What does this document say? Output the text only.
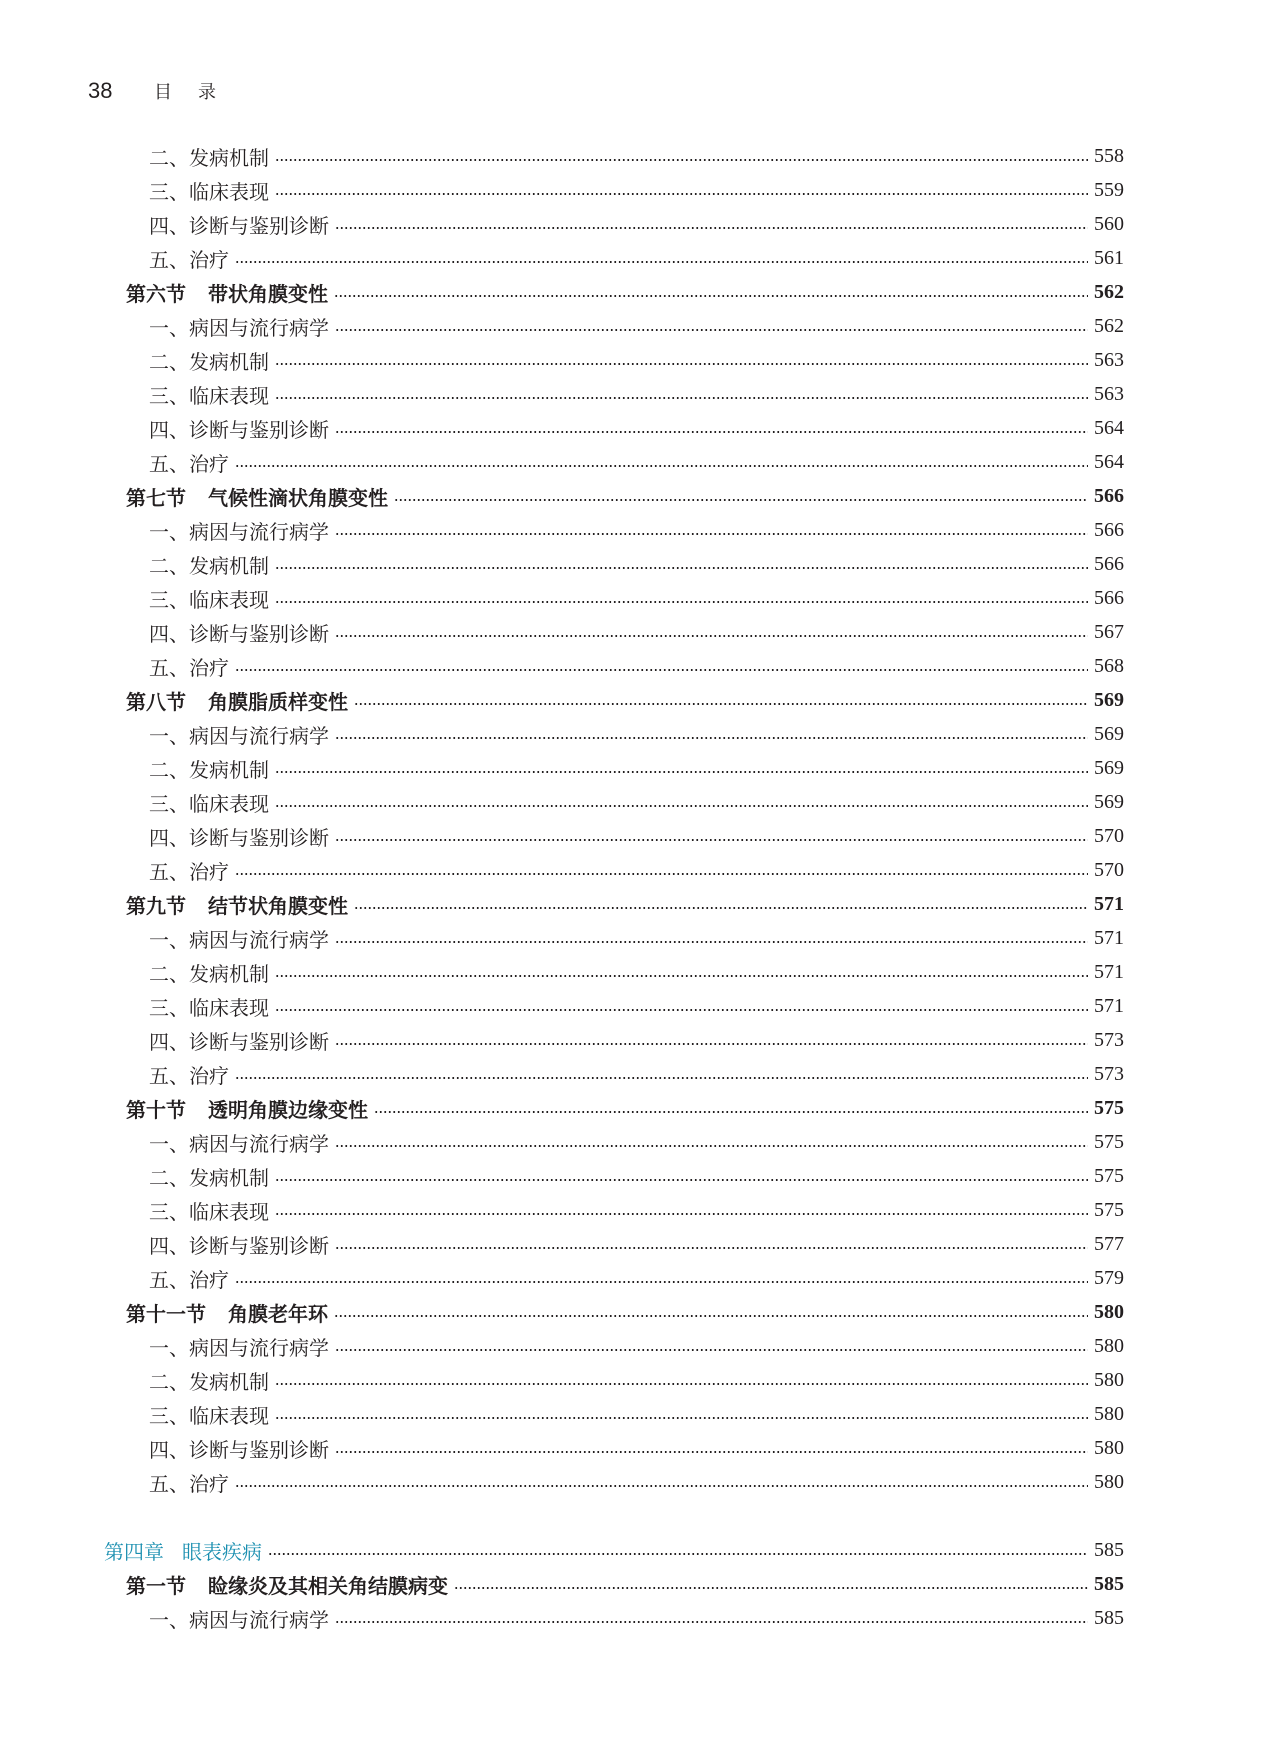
38	目录
二、发病机制	558
三、临床表现	559
四、诊断与鉴别诊断	560
五、治疗	561
第六节 带状角膜变性	562
一、病因与流行病学	562
二、发病机制	563
三、临床表现	563
四、诊断与鉴别诊断	564
五、治疗	564
第七节 气候性滴状角膜变性	566
一、病因与流行病学	566
二、发病机制	566
三、临床表现	566
四、诊断与鉴别诊断	567
五、治疗	568
第八节 角膜脂质样变性	569
一、病因与流行病学	569
二、发病机制	569
三、临床表现	569
四、诊断与鉴别诊断	570
五、治疗	570
第九节 结节状角膜变性	571
一、病因与流行病学	571
二、发病机制	571
三、临床表现	571
四、诊断与鉴别诊断	573
五、治疗	573
第十节 透明角膜边缘变性	575
一、病因与流行病学	575
二、发病机制	575
三、临床表现	575
四、诊断与鉴别诊断	577
五、治疗	579
第十一节 角膜老年环	580
一、病因与流行病学	580
二、发病机制	580
三、临床表现	580
四、诊断与鉴别诊断	580
五、治疗	580
第四章 眼表疾病	585
第一节 睑缘炎及其相关角结膜病变	585
一、病因与流行病学	585
